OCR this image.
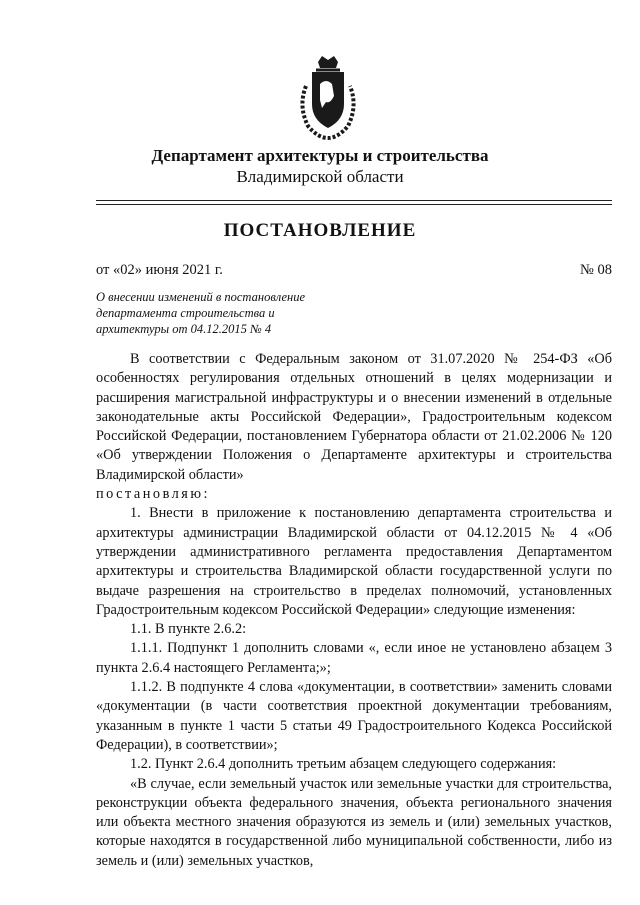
Департамент архитектуры и строительства
Владимирской области
ПОСТАНОВЛЕНИЕ
от «02» июня 2021 г.	№ 08
О внесении изменений в постановление
департамента строительства и
архитектуры от 04.12.2015 № 4

В соответствии с Федеральным законом от 31.07.2020 № 254-ФЗ «Об особенностях регулирования отдельных отношений в целях модернизации и расширения магистральной инфраструктуры и о внесении изменений в отдельные законодательные акты Российской Федерации», Градостроительным кодексом Российской Федерации, постановлением Губернатора области от 21.02.2006 № 120 «Об утверждении Положения о Департаменте архитектуры и строительства Владимирской области»

постановляю:

1. Внести в приложение к постановлению департамента строительства и архитектуры администрации Владимирской области от 04.12.2015 № 4 «Об утверждении административного регламента предоставления Департаментом архитектуры и строительства Владимирской области государственной услуги по выдаче разрешения на строительство в пределах полномочий, установленных Градостроительным кодексом Российской Федерации» следующие изменения:

1.1. В пункте 2.6.2:

1.1.1. Подпункт 1 дополнить словами «, если иное не установлено абзацем 3 пункта 2.6.4 настоящего Регламента;»;

1.1.2. В подпункте 4 слова «документации, в соответствии» заменить словами «документации (в части соответствия проектной документации требованиям, указанным в пункте 1 части 5 статьи 49 Градостроительного Кодекса Российской Федерации), в соответствии»;

1.2. Пункт 2.6.4 дополнить третьим абзацем следующего содержания:

«В случае, если земельный участок или земельные участки для строительства, реконструкции объекта федерального значения, объекта регионального значения или объекта местного значения образуются из земель и (или) земельных участков, которые находятся в государственной либо муниципальной собственности, либо из земель и (или) земельных участков,
